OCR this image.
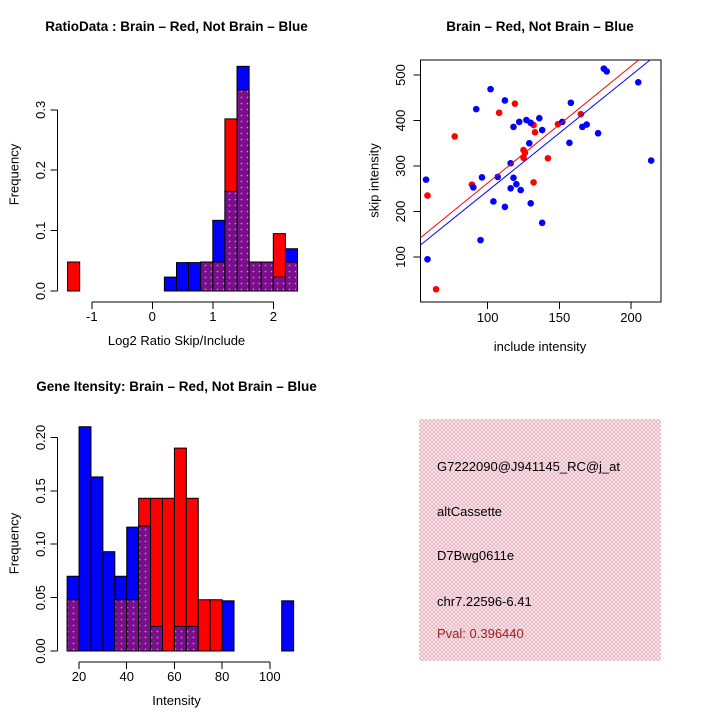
-1	0	1	2
0.0
0.1
0.2
0.3
RatioData : Brain – Red, Not Brain – Blue
Log2 Ratio Skip/Include
Frequency
100	150	200
100
200
300
400
500
Brain – Red, Not Brain – Blue
include intensity
skip intensity
20	40	60	80 100
0.00
0.05
0.10
0.15
0.20
Gene Itensity: Brain – Red, Not Brain – Blue
Intensity
Frequency
G7222090@J941145_RC@j_at
altCassette
D7Bwg0611e
chr7.22596-6.41
Pval: 0.396440
